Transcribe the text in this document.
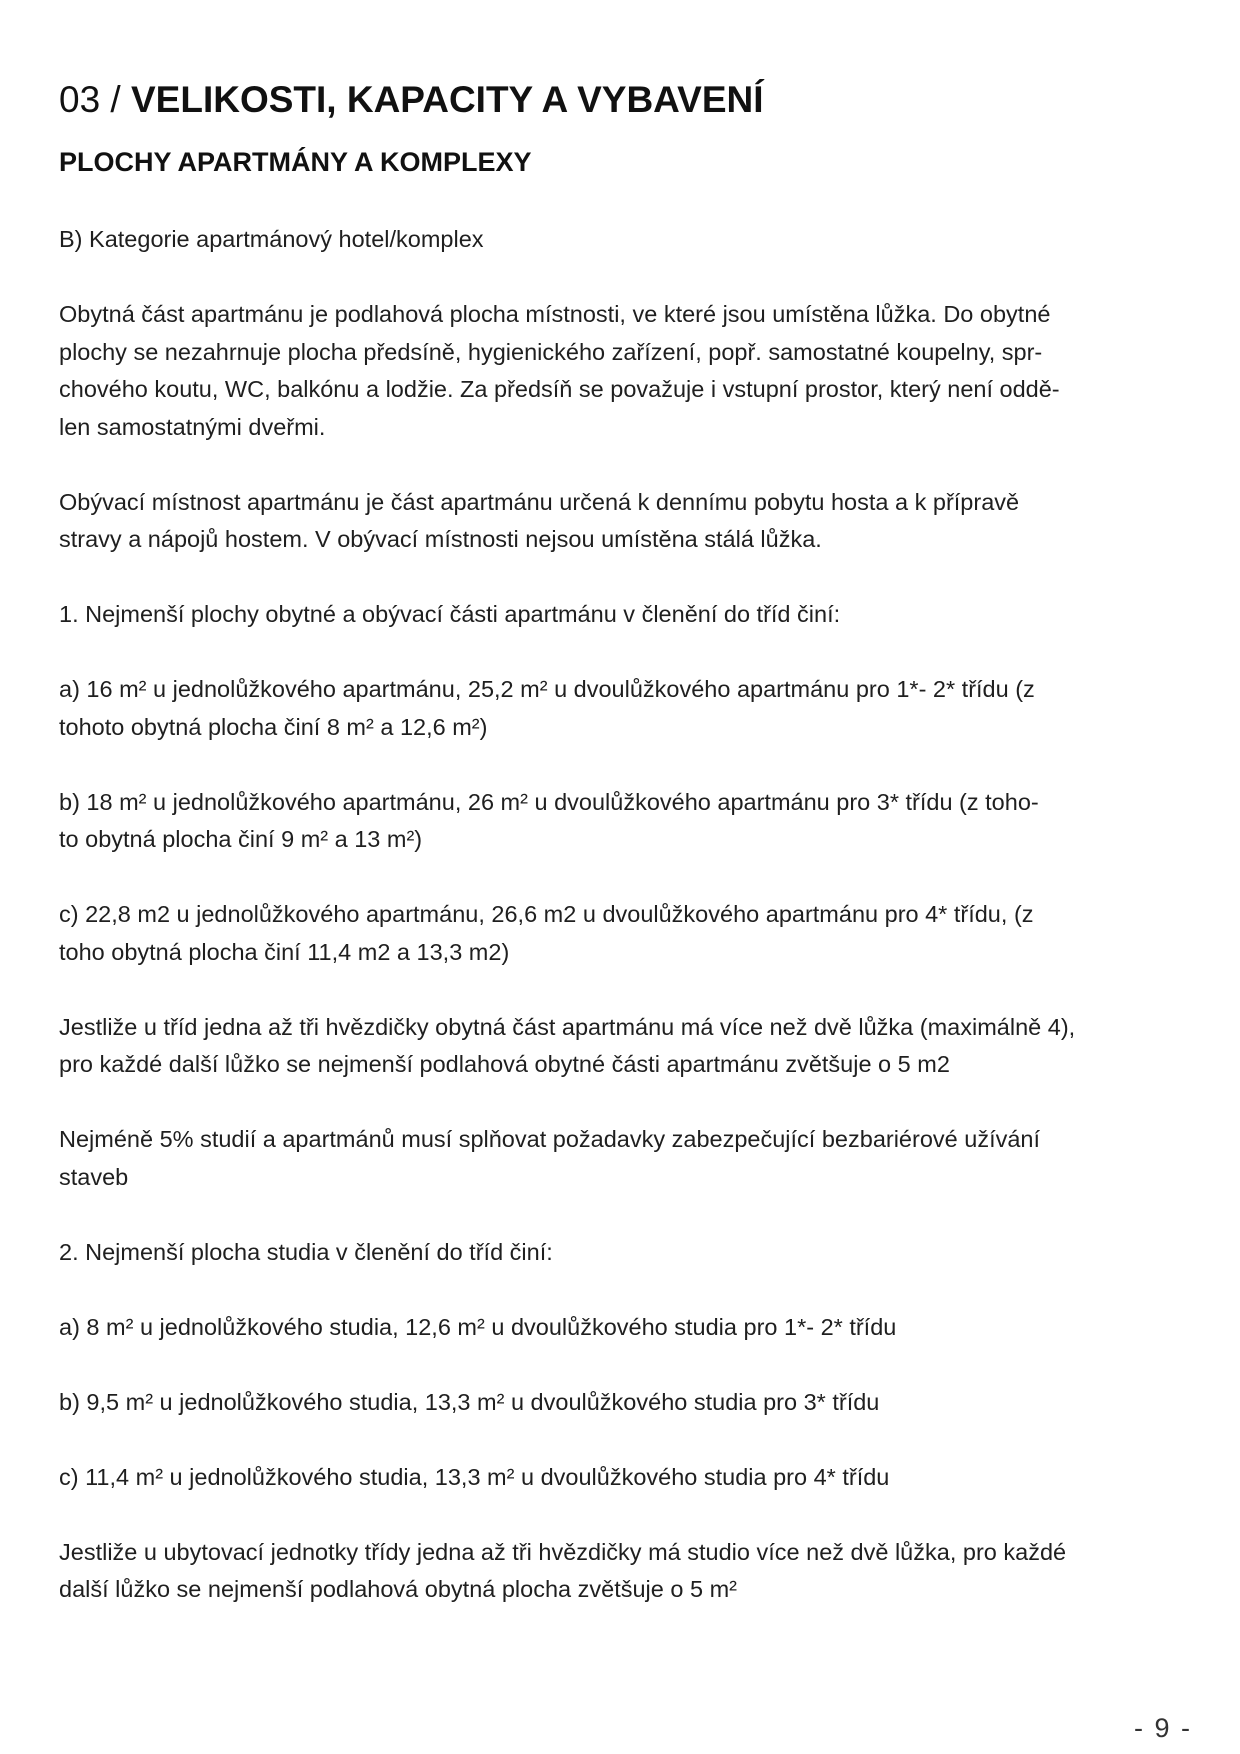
03 / VELIKOSTI, KAPACITY A VYBAVENÍ
PLOCHY APARTMÁNY A KOMPLEXY

B) Kategorie apartmánový hotel/komplex

Obytná část apartmánu je podlahová plocha místnosti, ve které jsou umístěna lůžka. Do obytné
plochy se nezahrnuje plocha předsíně, hygienického zařízení, popř. samostatné koupelny, spr-
chového koutu, WC, balkónu a lodžie. Za předsíň se považuje i vstupní prostor, který není oddě-
len samostatnými dveřmi.

Obývací místnost apartmánu je část apartmánu určená k dennímu pobytu hosta a k přípravě
stravy a nápojů hostem. V obývací místnosti nejsou umístěna stálá lůžka.

1. Nejmenší plochy obytné a obývací části apartmánu v členění do tříd činí:

a) 16 m² u jednolůžkového apartmánu, 25,2 m² u dvoulůžkového apartmánu pro 1*- 2* třídu (z
tohoto obytná plocha činí 8 m² a 12,6 m²)

b) 18 m² u jednolůžkového apartmánu, 26 m² u dvoulůžkového apartmánu pro 3* třídu (z toho-
to obytná plocha činí 9 m² a 13 m²)

c) 22,8 m2 u jednolůžkového apartmánu, 26,6 m2 u dvoulůžkového apartmánu pro 4* třídu, (z
toho obytná plocha činí 11,4 m2 a 13,3 m2)

Jestliže u tříd jedna až tři hvězdičky obytná část apartmánu má více než dvě lůžka (maximálně 4),
pro každé další lůžko se nejmenší podlahová obytné části apartmánu zvětšuje o 5 m2

Nejméně 5% studií a apartmánů musí splňovat požadavky zabezpečující bezbariérové užívání
staveb

2. Nejmenší plocha studia v členění do tříd činí:

a) 8 m² u jednolůžkového studia, 12,6 m² u dvoulůžkového studia pro 1*- 2* třídu

b) 9,5 m² u jednolůžkového studia, 13,3 m² u dvoulůžkového studia pro 3* třídu

c) 11,4 m² u jednolůžkového studia, 13,3 m² u dvoulůžkového studia pro 4* třídu

Jestliže u ubytovací jednotky třídy jedna až tři hvězdičky má studio více než dvě lůžka, pro každé
další lůžko se nejmenší podlahová obytná plocha zvětšuje o 5 m²

- 9 -
